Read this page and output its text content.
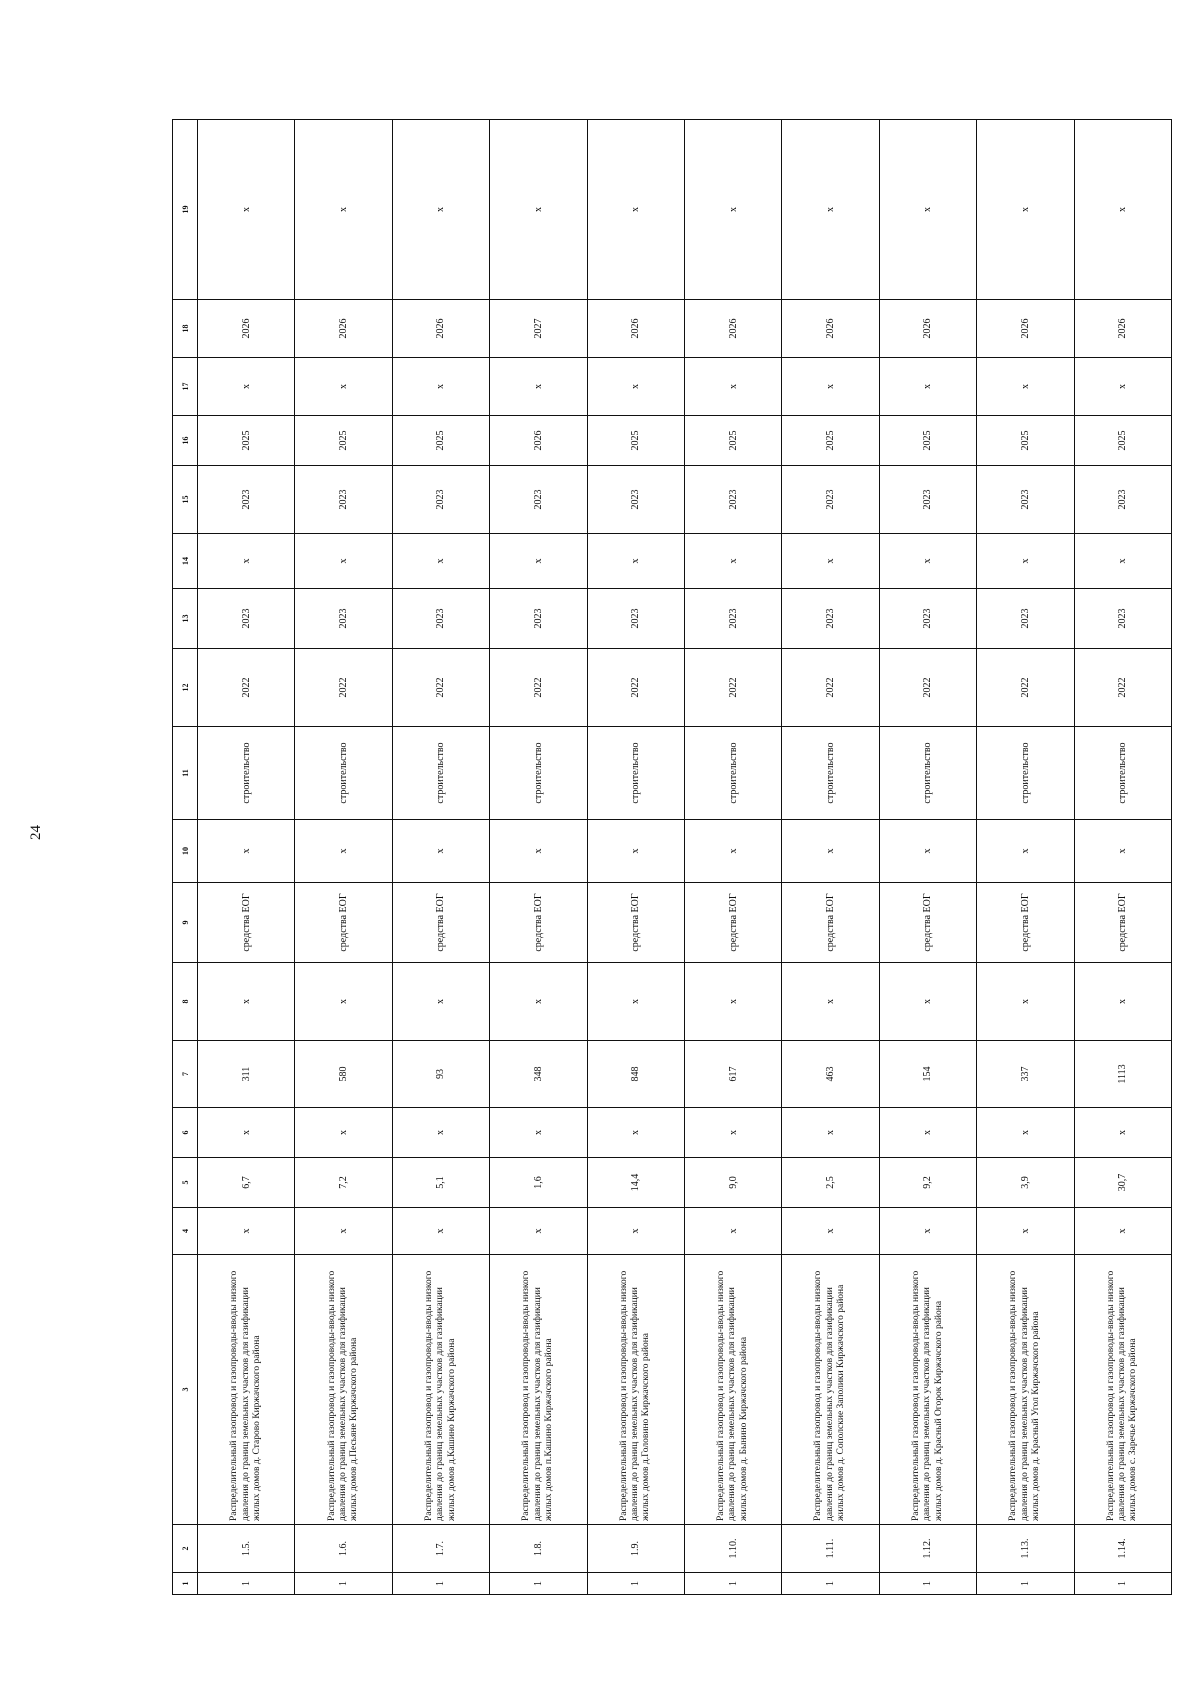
24
1	2	3	4	5	6	7	8	9	10	11	12	13	14	15	16	17	18	19
1	1.5.	Распределительный газопровод и газопроводы-вводы низкого давления до границ земельных участков для газификации жилых домов д. Старово Киржачского района	х	6,7	х	311	х	средства ЕОГ	х	строительство	2022	2023	х	2023	2025	х	2026	х
1	1.6.	Распределительный газопровод и газопроводы-вводы низкого давления до границ земельных участков для газификации жилых домов д.Песьяне Киржачского района	х	7,2	х	580	х	средства ЕОГ	х	строительство	2022	2023	х	2023	2025	х	2026	х
1	1.7.	Распределительный газопровод и газопроводы-вводы низкого давления до границ земельных участков для газификации жилых домов д.Кашино Киржачского района	х	5,1	х	93	х	средства ЕОГ	х	строительство	2022	2023	х	2023	2025	х	2026	х
1	1.8.	Распределительный газопровод и газопроводы-вводы низкого давления до границ земельных участков для газификации жилых домов п.Кашино Киржачского района	х	1,6	х	348	х	средства ЕОГ	х	строительство	2022	2023	х	2023	2026	х	2027	х
1	1.9.	Распределительный газопровод и газопроводы-вводы низкого давления до границ земельных участков для газификации жилых домов д.Головино Киржачского района	х	14,4	х	848	х	средства ЕОГ	х	строительство	2022	2023	х	2023	2025	х	2026	х
1	1.10.	Распределительный газопровод и газопроводы-вводы низкого давления до границ земельных участков для газификации жилых домов д. Бынино Киржачского района	х	9,0	х	617	х	средства ЕОГ	х	строительство	2022	2023	х	2023	2025	х	2026	х
1	1.11.	Распределительный газопровод и газопроводы-вводы низкого давления до границ земельных участков для газификации жилых домов д. Сополские Заполики Киржачского района	х	2,5	х	463	х	средства ЕОГ	х	строительство	2022	2023	х	2023	2025	х	2026	х
1	1.12.	Распределительный газопровод и газопроводы-вводы низкого давления до границ земельных участков для газификации жилых домов д. Красный Огорок Киржачского района	х	9,2	х	154	х	средства ЕОГ	х	строительство	2022	2023	х	2023	2025	х	2026	х
1	1.13.	Распределительный газопровод и газопроводы-вводы низкого давления до границ земельных участков для газификации жилых домов д. Красный Угол Киржачского района	х	3,9	х	337	х	средства ЕОГ	х	строительство	2022	2023	х	2023	2025	х	2026	х
1	1.14.	Распределительный газопровод и газопроводы-вводы низкого давления до границ земельных участков для газификации жилых домов с. Заречье Киржачского района	х	30,7	х	1113	х	средства ЕОГ	х	строительство	2022	2023	х	2023	2025	х	2026	х
